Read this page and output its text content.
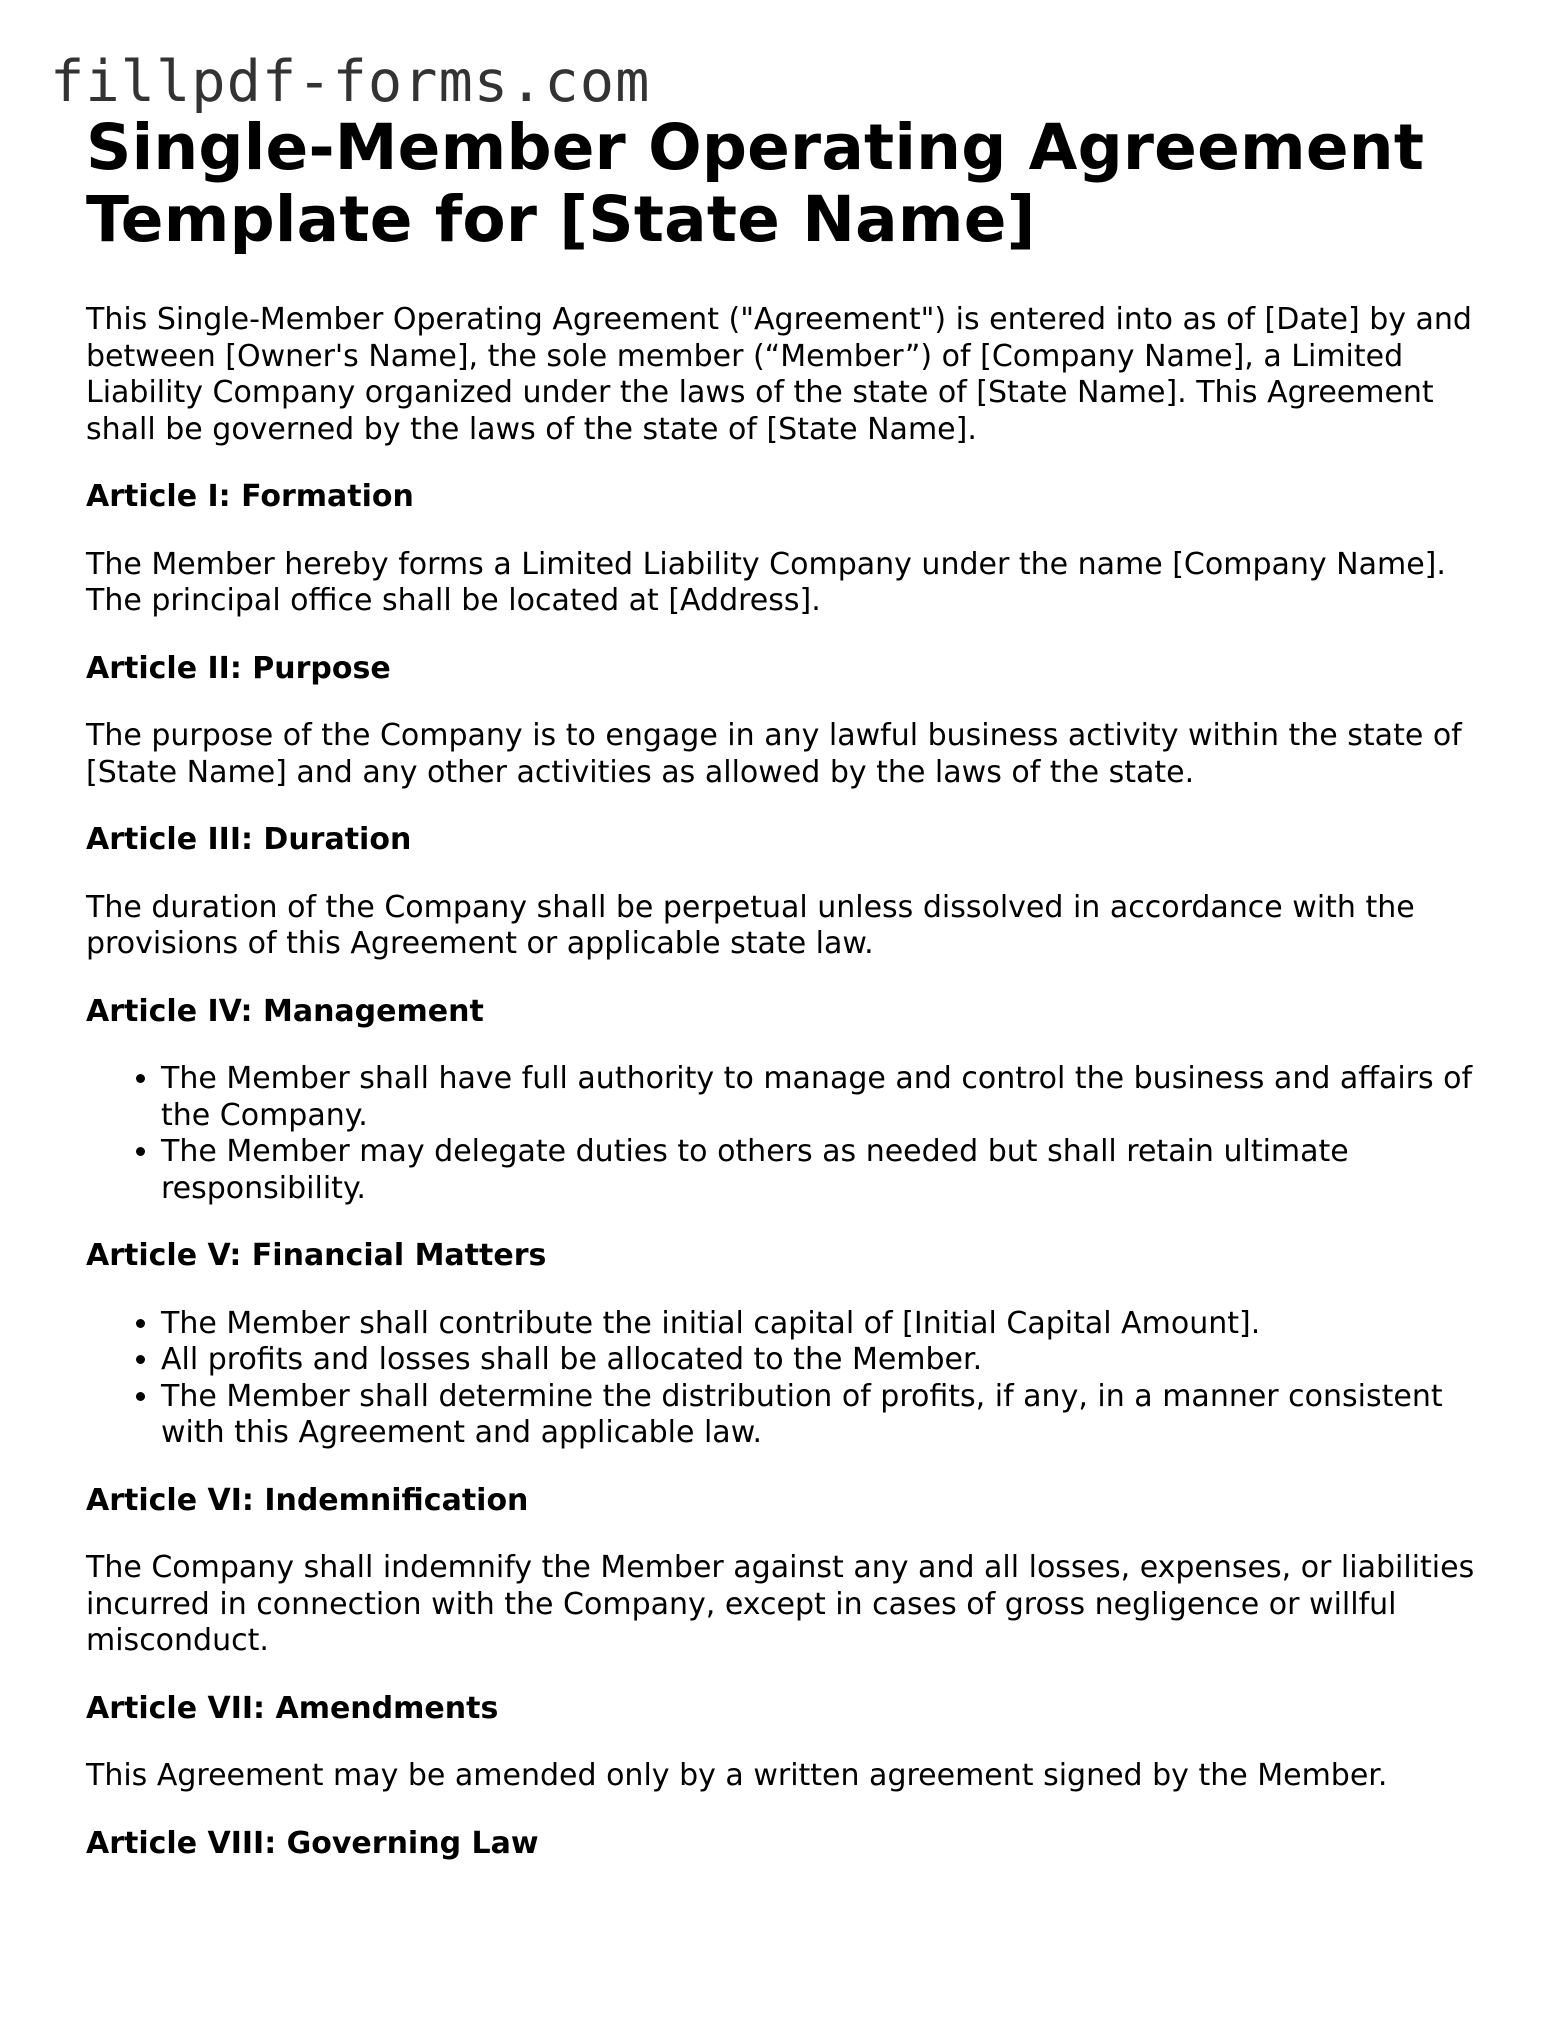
fillpdf-forms.com
Single-Member Operating Agreement Template for [State Name]

This Single-Member Operating Agreement ("Agreement") is entered into as of [Date] by and between [Owner's Name], the sole member (“Member”) of [Company Name], a Limited Liability Company organized under the laws of the state of [State Name]. This Agreement shall be governed by the laws of the state of [State Name].

Article I: Formation

The Member hereby forms a Limited Liability Company under the name [Company Name]. The principal office shall be located at [Address].

Article II: Purpose

The purpose of the Company is to engage in any lawful business activity within the state of [State Name] and any other activities as allowed by the laws of the state.

Article III: Duration

The duration of the Company shall be perpetual unless dissolved in accordance with the provisions of this Agreement or applicable state law.

Article IV: Management
• The Member shall have full authority to manage and control the business and affairs of the Company.
• The Member may delegate duties to others as needed but shall retain ultimate responsibility.
Article V: Financial Matters
• The Member shall contribute the initial capital of [Initial Capital Amount].
• All profits and losses shall be allocated to the Member.
• The Member shall determine the distribution of profits, if any, in a manner consistent with this Agreement and applicable law.
Article VI: Indemnification

The Company shall indemnify the Member against any and all losses, expenses, or liabilities incurred in connection with the Company, except in cases of gross negligence or willful misconduct.

Article VII: Amendments

This Agreement may be amended only by a written agreement signed by the Member.

Article VIII: Governing Law
